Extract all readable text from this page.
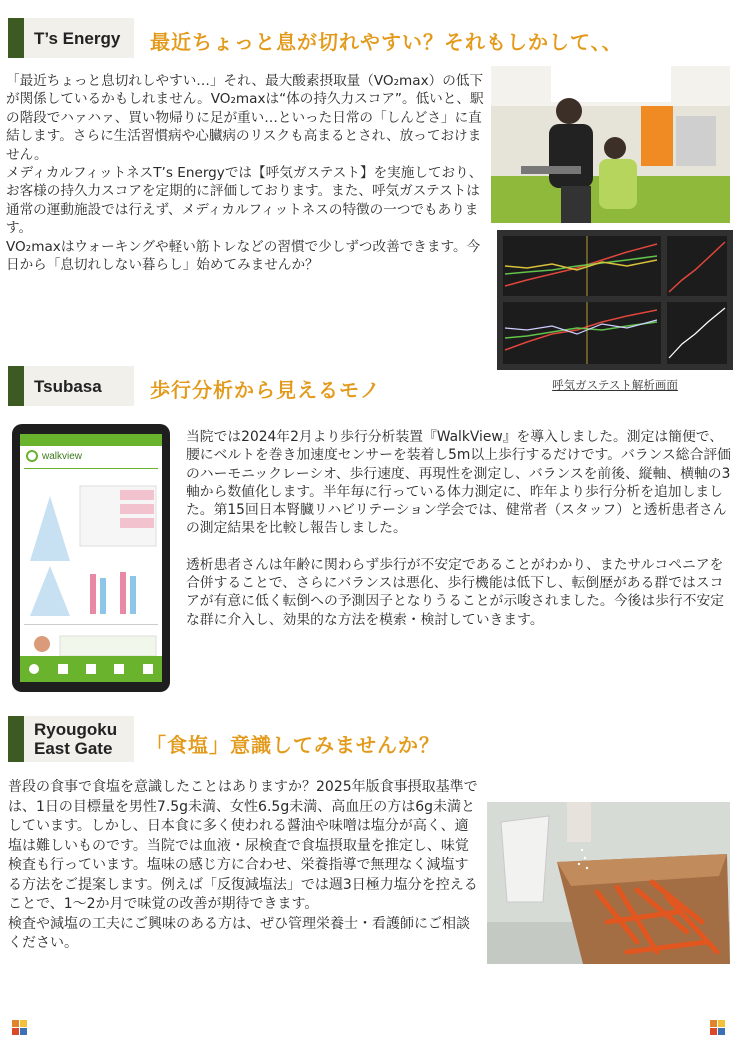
T’s Energy 最近ちょっと息が切れやすい？それもしかして、、

「最近ちょっと息切れしやすい…」それ、最大酸素摂取量（VO₂max）の低下が関係しているかもしれません。VO₂maxは“体の持久力スコア”。低いと、駅の階段でハァハァ、買い物帰りに足が重い…といった日常の「しんどさ」に直結します。さらに生活習慣病や心臓病のリスクも高まるとされ、放っておけません。

メディカルフィットネスT’s Energyでは【呼気ガステスト】を実施しており、お客様の持久力スコアを定期的に評価しております。また、呼気ガステストは通常の運動施設では行えず、メディカルフィットネスの特徴の一つでもあります。

VO₂maxはウォーキングや軽い筋トレなどの習慣で少しずつ改善できます。今日から「息切れしない暮らし」始めてみませんか？

呼気ガステスト解析画面
Tsubasa 歩行分析から見えるモノ
walkview

当院では2024年2月より歩行分析装置『WalkView』を導入しました。測定は簡便で、腰にベルトを巻き加速度センサーを装着し5m以上歩行するだけです。バランス総合評価のハーモニックレーシオ、歩行速度、再現性を測定し、バランスを前後、縦軸、横軸の3軸から数値化します。半年毎に行っている体力測定に、昨年より歩行分析を追加しました。第15回日本腎臓リハビリテーション学会では、健常者（スタッフ）と透析患者さんの測定結果を比較し報告しました。

透析患者さんは年齢に関わらず歩行が不安定であることがわかり、またサルコペニアを合併することで、さらにバランスは悪化、歩行機能は低下し、転倒歴がある群ではスコアが有意に低く転倒への予測因子となりうることが示唆されました。今後は歩行不安定な群に介入し、効果的な方法を模索・検討していきます。

Ryougoku
East Gate 「食塩」意識してみませんか？

普段の食事で食塩を意識したことはありますか？2025年版食事摂取基準では、1日の目標量を男性7.5g未満、女性6.5g未満、高血圧の方は6g未満としています。しかし、日本食に多く使われる醤油や味噌は塩分が高く、適塩は難しいものです。当院では血液・尿検査で食塩摂取量を推定し、味覚検査も行っています。塩味の感じ方に合わせ、栄養指導で無理なく減塩する方法をご提案します。例えば「反復減塩法」では週3日極力塩分を控えることで、1〜2か月で味覚の改善が期待できます。

検査や減塩の工夫にご興味のある方は、ぜひ管理栄養士・看護師にご相談ください。
